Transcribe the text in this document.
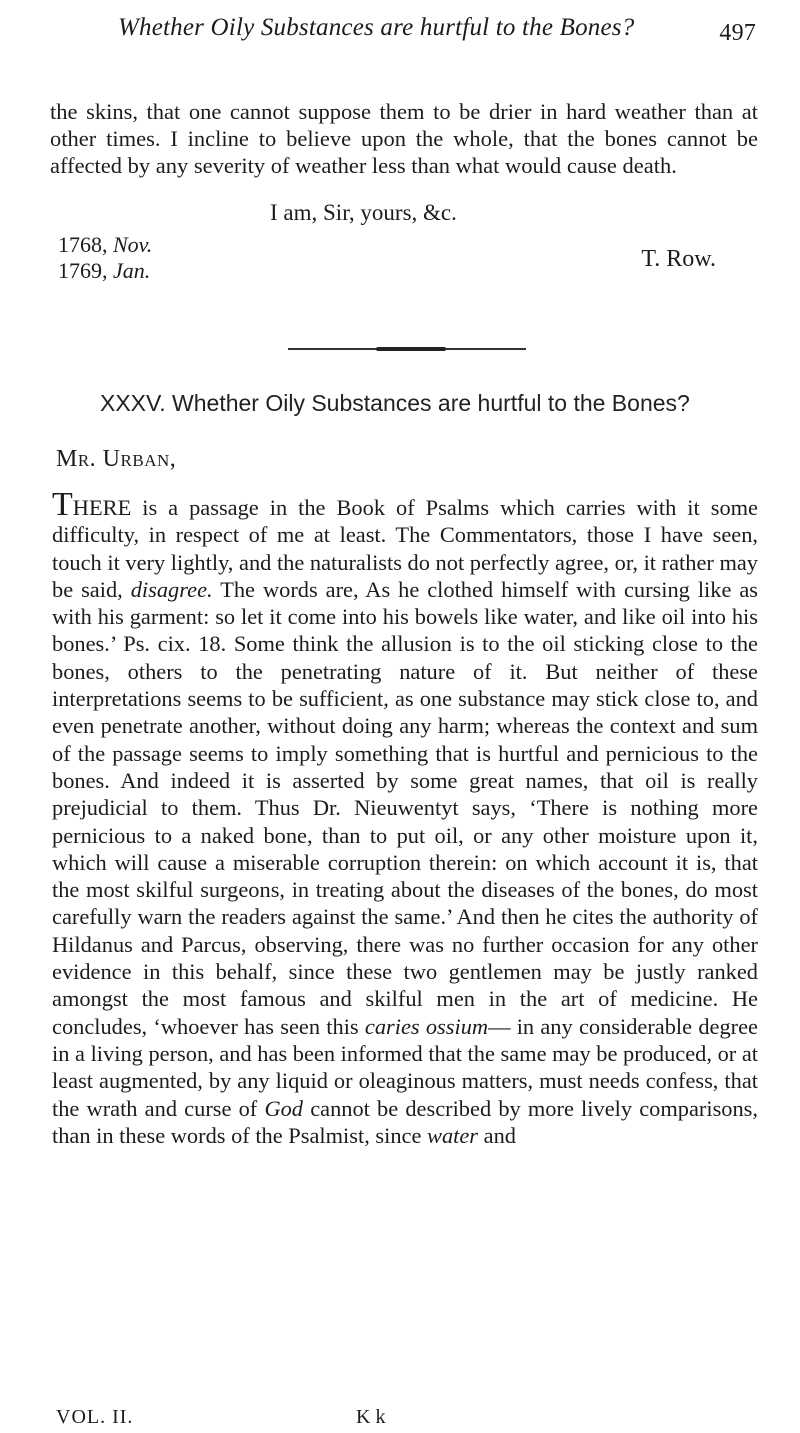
Whether Oily Substances are hurtful to the Bones?	497
the skins, that one cannot suppose them to be drier in hard weather than at other times. I incline to believe upon the whole, that the bones cannot be affected by any severity of weather less than what would cause death.
I am, Sir, yours, &c.
1768, Nov.
1769, Jan.	T. Row.
XXXV. Whether Oily Substances are hurtful to the Bones?
Mr. Urban,
THERE is a passage in the Book of Psalms which carries with it some difficulty, in respect of me at least. The Commentators, those I have seen, touch it very lightly, and the naturalists do not perfectly agree, or, it rather may be said, disagree. The words are, As he clothed himself with cursing like as with his garment: so let it come into his bowels like water, and like oil into his bones.’ Ps. cix. 18. Some think the allusion is to the oil sticking close to the bones, others to the penetrating nature of it. But neither of these interpretations seems to be sufficient, as one substance may stick close to, and even penetrate another, without doing any harm; whereas the context and sum of the passage seems to imply something that is hurtful and pernicious to the bones. And indeed it is asserted by some great names, that oil is really prejudicial to them. Thus Dr. Nieuwentyt says, ‘There is nothing more pernicious to a naked bone, than to put oil, or any other moisture upon it, which will cause a miserable corruption therein: on which account it is, that the most skilful surgeons, in treating about the diseases of the bones, do most carefully warn the readers against the same.’ And then he cites the authority of Hildanus and Parcus, observing, there was no further occasion for any other evidence in this behalf, since these two gentlemen may be justly ranked amongst the most famous and skilful men in the art of medicine. He concludes, ‘whoever has seen this caries ossium— in any considerable degree in a living person, and has been informed that the same may be produced, or at least augmented, by any liquid or oleaginous matters, must needs confess, that the wrath and curse of God cannot be described by more lively comparisons, than in these words of the Psalmist, since water and
VOL. II.	K k
